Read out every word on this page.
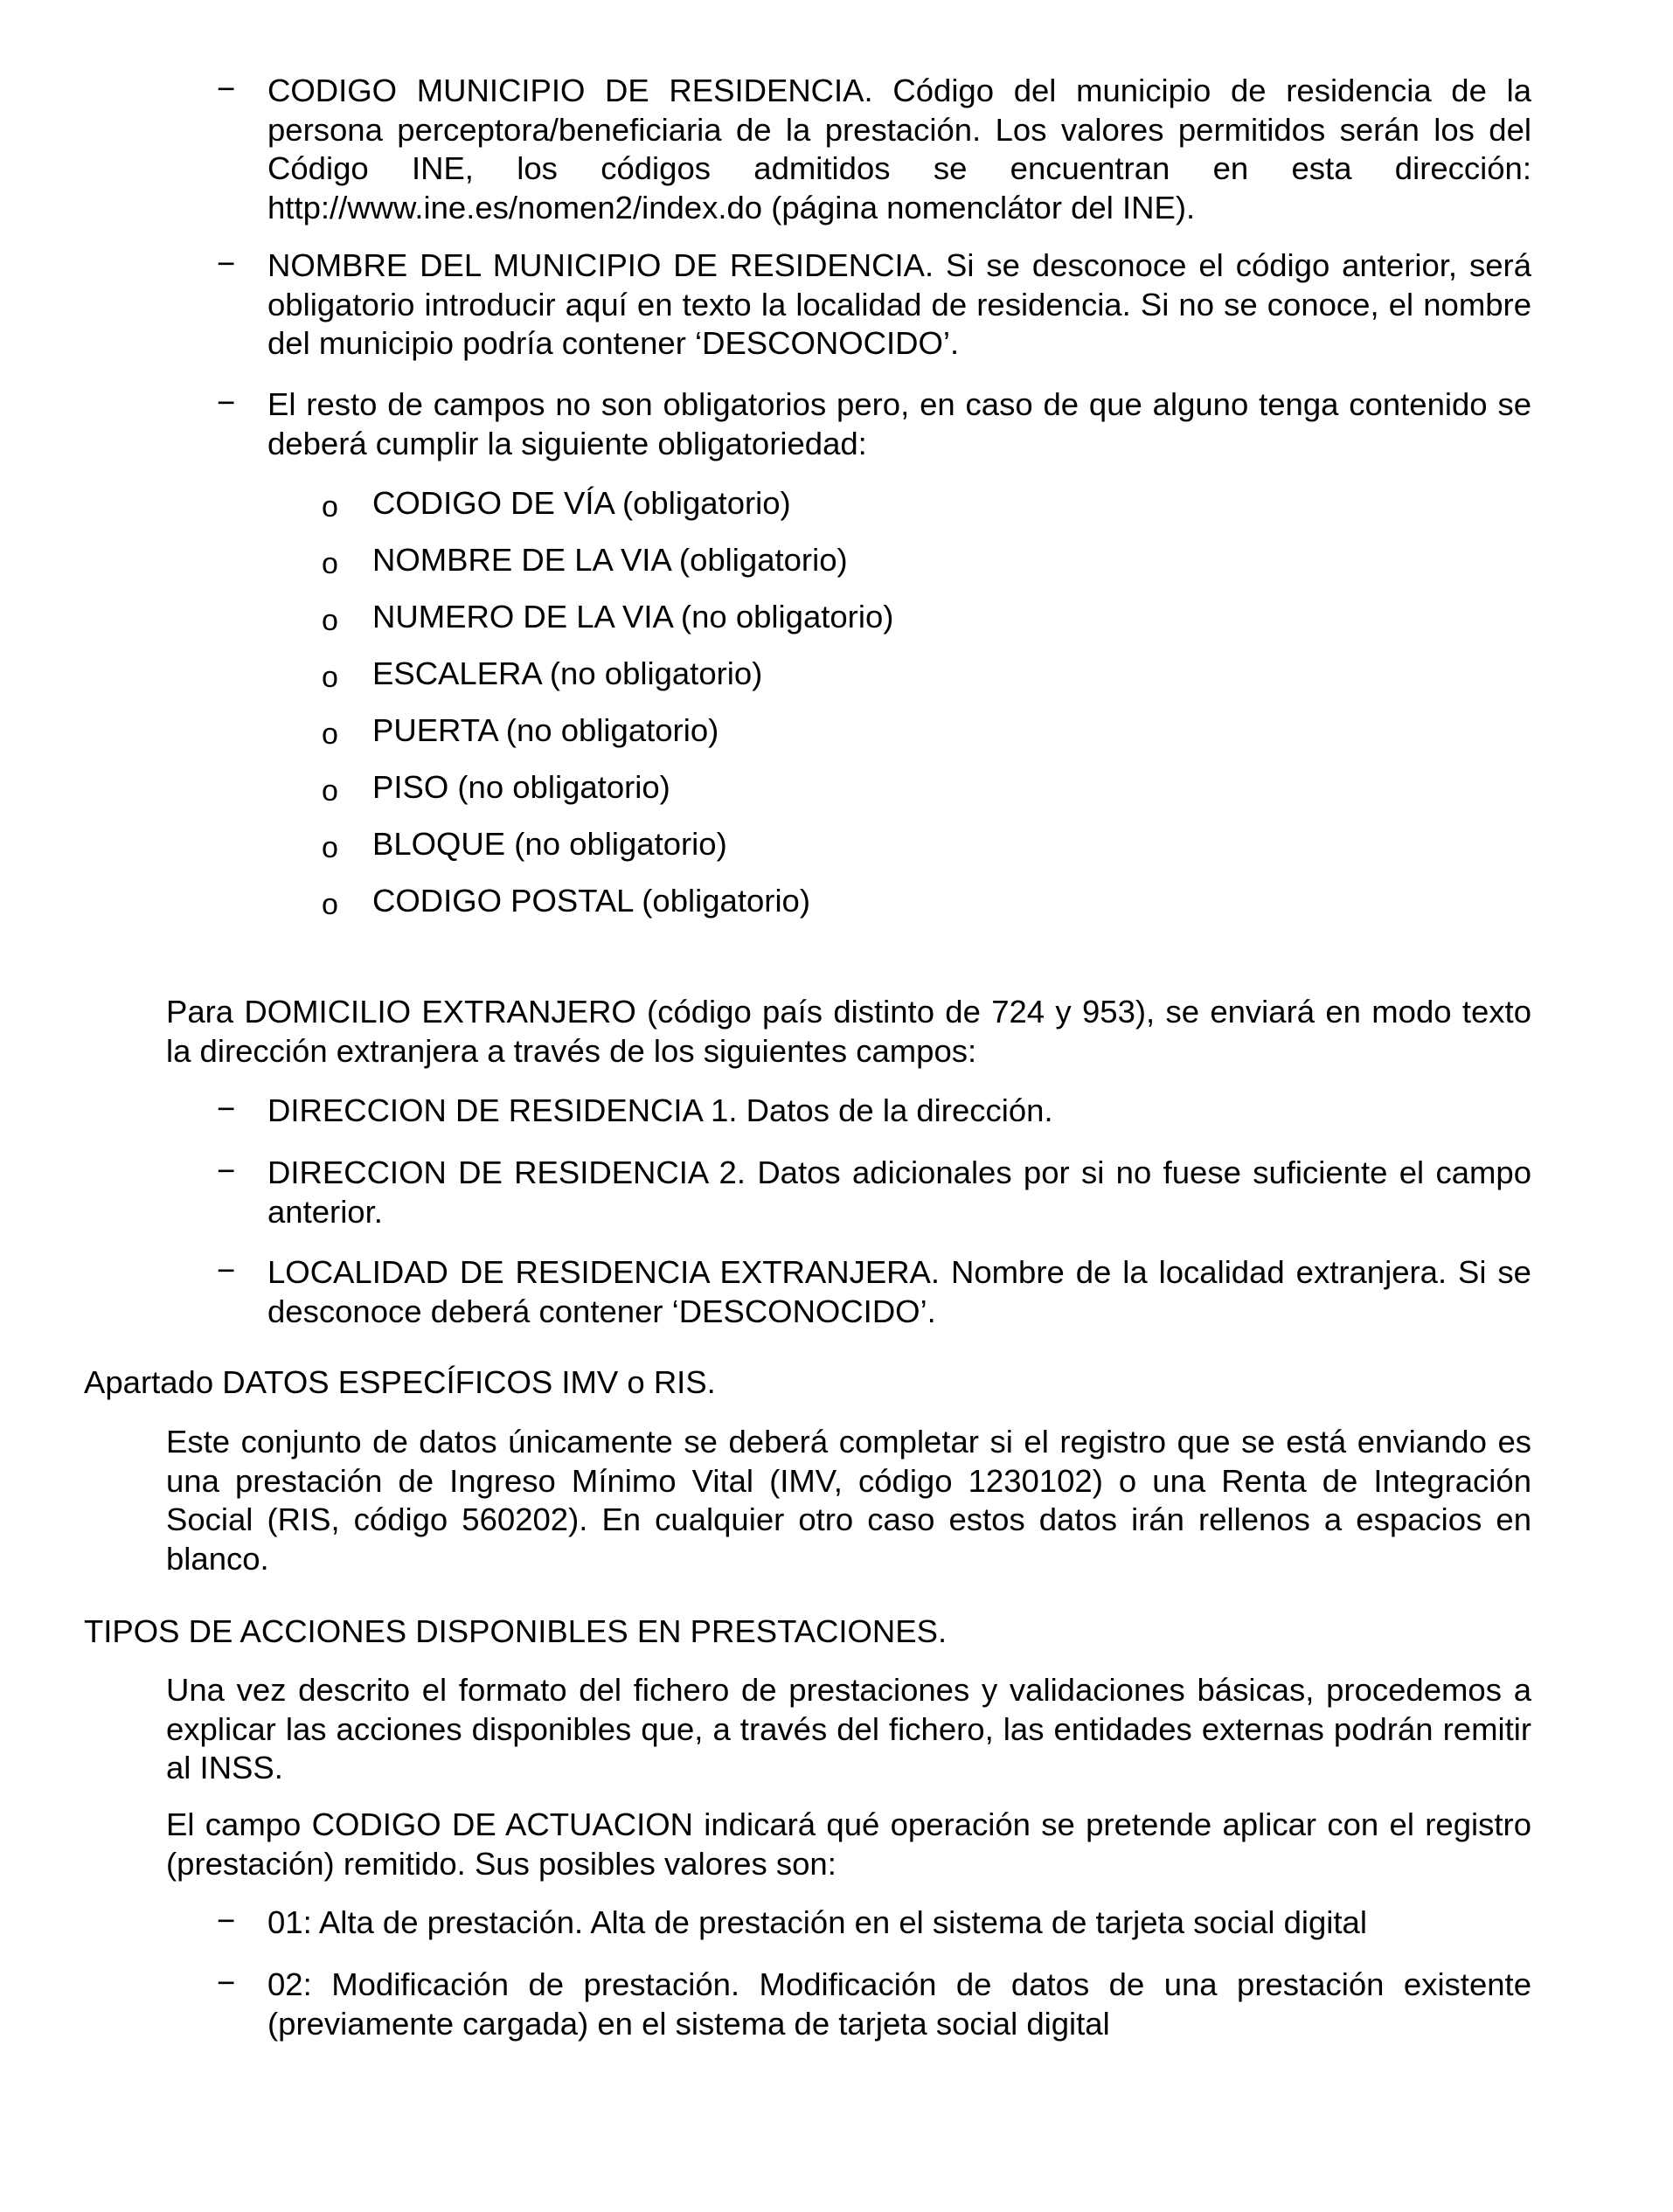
− CODIGO MUNICIPIO DE RESIDENCIA. Código del municipio de residencia de la persona perceptora/beneficiaria de la prestación. Los valores permitidos serán los del Código INE, los códigos admitidos se encuentran en esta dirección: http://www.ine.es/nomen2/index.do (página nomenclátor del INE).

− NOMBRE DEL MUNICIPIO DE RESIDENCIA. Si se desconoce el código anterior, será obligatorio introducir aquí en texto la localidad de residencia. Si no se conoce, el nombre del municipio podría contener ‘DESCONOCIDO’.

− El resto de campos no son obligatorios pero, en caso de que alguno tenga contenido se deberá cumplir la siguiente obligatoriedad:

o CODIGO DE VÍA (obligatorio)

o NOMBRE DE LA VIA (obligatorio)

o NUMERO DE LA VIA (no obligatorio)

o ESCALERA (no obligatorio)

o PUERTA (no obligatorio)

o PISO (no obligatorio)

o BLOQUE (no obligatorio)

o CODIGO POSTAL (obligatorio)

Para DOMICILIO EXTRANJERO (código país distinto de 724 y 953), se enviará en modo texto la dirección extranjera a través de los siguientes campos:

− DIRECCION DE RESIDENCIA 1. Datos de la dirección.

− DIRECCION DE RESIDENCIA 2. Datos adicionales por si no fuese suficiente el campo anterior.

− LOCALIDAD DE RESIDENCIA EXTRANJERA. Nombre de la localidad extranjera. Si se desconoce deberá contener ‘DESCONOCIDO’.

Apartado DATOS ESPECÍFICOS IMV o RIS.

Este conjunto de datos únicamente se deberá completar si el registro que se está enviando es una prestación de Ingreso Mínimo Vital (IMV, código 1230102) o una Renta de Integración Social (RIS, código 560202). En cualquier otro caso estos datos irán rellenos a espacios en blanco.

TIPOS DE ACCIONES DISPONIBLES EN PRESTACIONES.

Una vez descrito el formato del fichero de prestaciones y validaciones básicas, procedemos a explicar las acciones disponibles que, a través del fichero, las entidades externas podrán remitir al INSS.

El campo CODIGO DE ACTUACION indicará qué operación se pretende aplicar con el registro (prestación) remitido. Sus posibles valores son:

− 01: Alta de prestación. Alta de prestación en el sistema de tarjeta social digital

− 02: Modificación de prestación. Modificación de datos de una prestación existente (previamente cargada) en el sistema de tarjeta social digital
